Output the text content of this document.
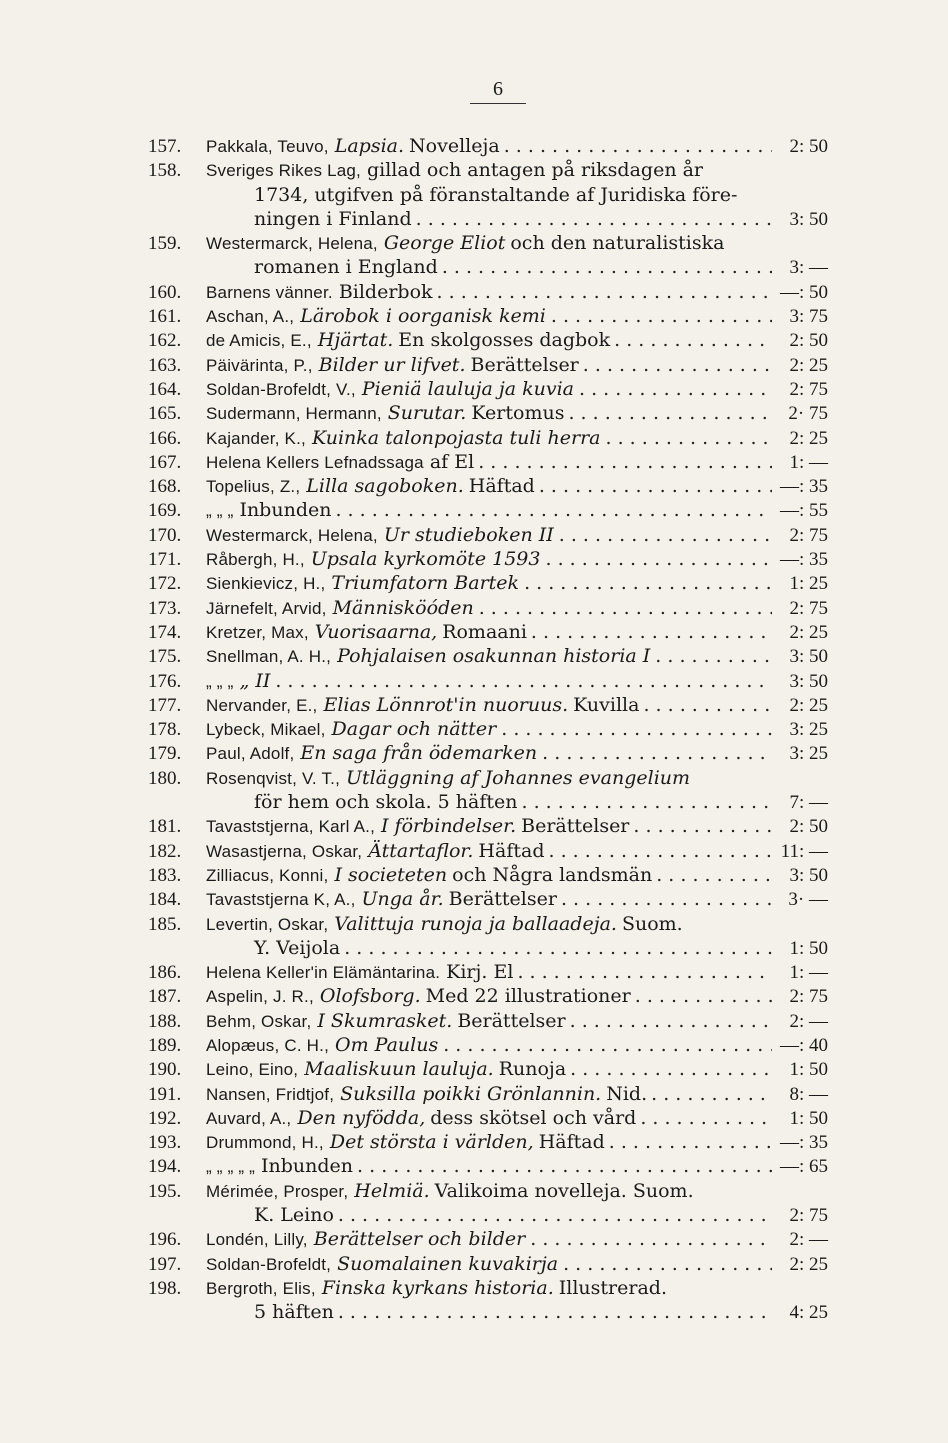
6
157.	Pakkala, Teuvo, Lapsia. Novelleja . . .	2: 50
158.	Sveriges Rikes Lag, gillad och antagen på riksdagen år
1734, utgifven på föranstaltande af Juridiska före-
ningen i Finland . . .	3: 50
159.	Westermarck, Helena, George Eliot och den naturalistiska
romanen i England . . .	3: —
160.	Barnens vänner. Bilderbok . . .	—: 50
161.	Aschan, A., Lärobok i oorganisk kemi . . .	3: 75
162.	de Amicis, E., Hjärtat. En skolgosses dagbok . . .	2: 50
163.	Päivärinta, P., Bilder ur lifvet. Berättelser . . .	2: 25
164.	Soldan-Brofeldt, V., Pieniä lauluja ja kuvia . . .	2: 75
165.	Sudermann, Hermann, Surutar. Kertomus . . .	2· 75
166.	Kajander, K., Kuinka talonpojasta tuli herra . . .	2: 25
167.	Helena Kellers Lefnadssaga af El . . .	1: —
168.	Topelius, Z., Lilla sagoboken. Häftad . . .	—: 35
169.	„ „ „ Inbunden . . .	—: 55
170.	Westermarck, Helena, Ur studieboken II . . .	2: 75
171.	Råbergh, H., Upsala kyrkomöte 1593 . . .	—: 35
172.	Sienkievicz, H., Triumfatorn Bartek . . .	1: 25
173.	Järnefelt, Arvid, Människöóden . . .	2: 75
174.	Kretzer, Max, Vuorisaarna, Romaani . . .	2: 25
175.	Snellman, A. H., Pohjalaisen osakunnan historia I . . .	3: 50
176.	„ „ „ „ II . . .	3: 50
177.	Nervander, E., Elias Lönnrot'in nuoruus. Kuvilla . . .	2: 25
178.	Lybeck, Mikael, Dagar och nätter . . .	3: 25
179.	Paul, Adolf, En saga från ödemarken . . .	3: 25
180.	Rosenqvist, V. T., Utläggning af Johannes evangelium
för hem och skola. 5 häften . . .	7: —
181.	Tavaststjerna, Karl A., I förbindelser. Berättelser . . .	2: 50
182.	Wasastjerna, Oskar, Ättartaflor. Häftad . . .	11: —
183.	Zilliacus, Konni, I societeten och Några landsmän . . .	3: 50
184.	Tavaststjerna K, A., Unga år. Berättelser . . .	3· —
185.	Levertin, Oskar, Valittuja runoja ja ballaadeja. Suom.
Y. Veijola . . .	1: 50
186.	Helena Keller'in Elämäntarina. Kirj. El . . .	1: —
187.	Aspelin, J. R., Olofsborg. Med 22 illustrationer . . .	2: 75
188.	Behm, Oskar, I Skumrasket. Berättelser . . .	2: —
189.	Alopæus, C. H., Om Paulus . . .	—: 40
190.	Leino, Eino, Maaliskuun lauluja. Runoja . . .	1: 50
191.	Nansen, Fridtjof, Suksilla poikki Grönlannin. Nid. . . .	8: —
192.	Auvard, A., Den nyfödda, dess skötsel och vård . . .	1: 50
193.	Drummond, H., Det största i världen, Häftad . . .	—: 35
194.	„ „ „ „ „ Inbunden . . .	—: 65
195.	Mérimée, Prosper, Helmiä. Valikoima novelleja. Suom.
K. Leino . . .	2: 75
196.	Londén, Lilly, Berättelser och bilder . . .	2: —
197.	Soldan-Brofeldt, Suomalainen kuvakirja . . .	2: 25
198.	Bergroth, Elis, Finska kyrkans historia. Illustrerad.
5 häften . . .	4: 25
